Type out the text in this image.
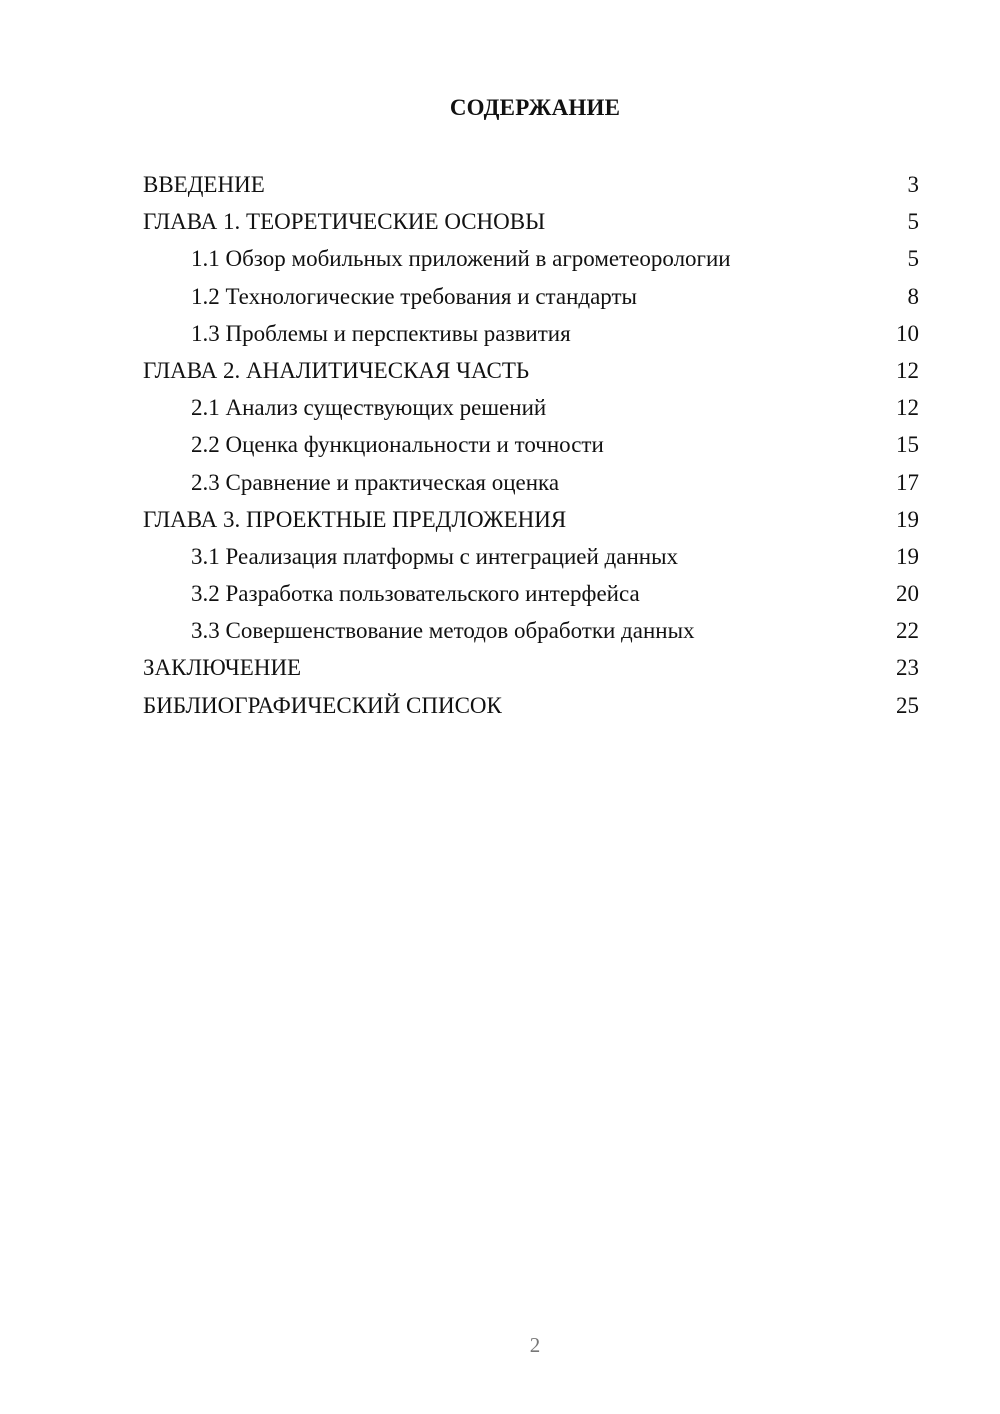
СОДЕРЖАНИЕ
ВВЕДЕНИЕ	3
ГЛАВА 1. ТЕОРЕТИЧЕСКИЕ ОСНОВЫ	5
1.1 Обзор мобильных приложений в агрометеорологии	5
1.2 Технологические требования и стандарты	8
1.3 Проблемы и перспективы развития	10
ГЛАВА 2. АНАЛИТИЧЕСКАЯ ЧАСТЬ	12
2.1 Анализ существующих решений	12
2.2 Оценка функциональности и точности	15
2.3 Сравнение и практическая оценка	17
ГЛАВА 3. ПРОЕКТНЫЕ ПРЕДЛОЖЕНИЯ	19
3.1 Реализация платформы с интеграцией данных	19
3.2 Разработка пользовательского интерфейса	20
3.3 Совершенствование методов обработки данных	22
ЗАКЛЮЧЕНИЕ	23
БИБЛИОГРАФИЧЕСКИЙ СПИСОК	25
2
